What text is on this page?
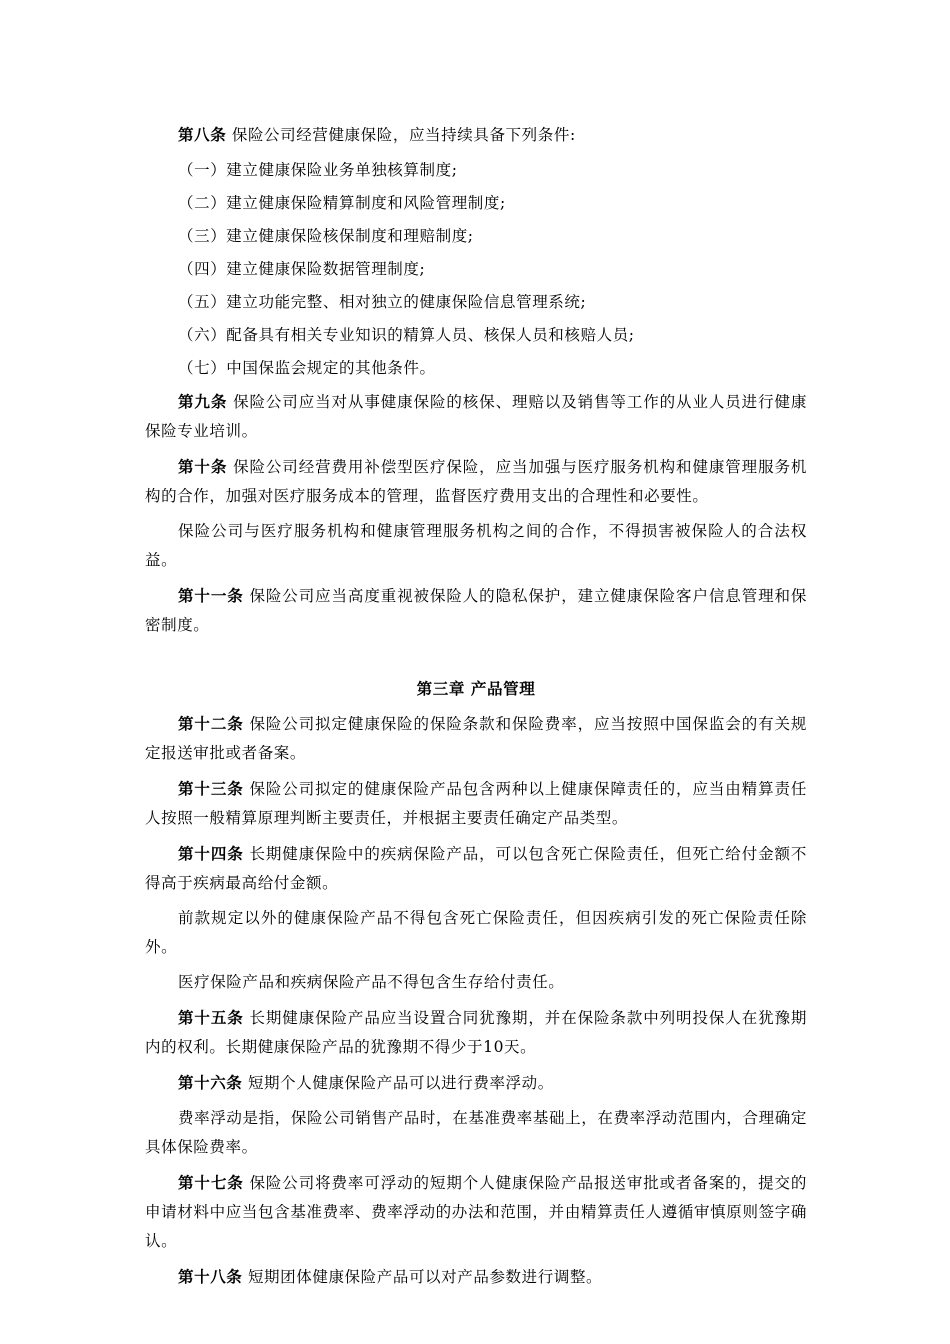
第八条 保险公司经营健康保险，应当持续具备下列条件:

（一）建立健康保险业务单独核算制度;

（二）建立健康保险精算制度和风险管理制度;

（三）建立健康保险核保制度和理赔制度;

（四）建立健康保险数据管理制度;

（五）建立功能完整、相对独立的健康保险信息管理系统;

（六）配备具有相关专业知识的精算人员、核保人员和核赔人员;

（七）中国保监会规定的其他条件。

第九条 保险公司应当对从事健康保险的核保、理赔以及销售等工作的从业人员进行健康保险专业培训。

第十条 保险公司经营费用补偿型医疗保险，应当加强与医疗服务机构和健康管理服务机构的合作，加强对医疗服务成本的管理，监督医疗费用支出的合理性和必要性。

保险公司与医疗服务机构和健康管理服务机构之间的合作，不得损害被保险人的合法权益。

第十一条 保险公司应当高度重视被保险人的隐私保护，建立健康保险客户信息管理和保密制度。

第三章 产品管理

第十二条 保险公司拟定健康保险的保险条款和保险费率，应当按照中国保监会的有关规定报送审批或者备案。

第十三条 保险公司拟定的健康保险产品包含两种以上健康保障责任的，应当由精算责任人按照一般精算原理判断主要责任，并根据主要责任确定产品类型。

第十四条 长期健康保险中的疾病保险产品，可以包含死亡保险责任，但死亡给付金额不得高于疾病最高给付金额。

前款规定以外的健康保险产品不得包含死亡保险责任，但因疾病引发的死亡保险责任除外。

医疗保险产品和疾病保险产品不得包含生存给付责任。

第十五条 长期健康保险产品应当设置合同犹豫期，并在保险条款中列明投保人在犹豫期内的权利。长期健康保险产品的犹豫期不得少于10天。

第十六条 短期个人健康保险产品可以进行费率浮动。

费率浮动是指，保险公司销售产品时，在基准费率基础上，在费率浮动范围内，合理确定具体保险费率。

第十七条 保险公司将费率可浮动的短期个人健康保险产品报送审批或者备案的，提交的申请材料中应当包含基准费率、费率浮动的办法和范围，并由精算责任人遵循审慎原则签字确认。

第十八条 短期团体健康保险产品可以对产品参数进行调整。
